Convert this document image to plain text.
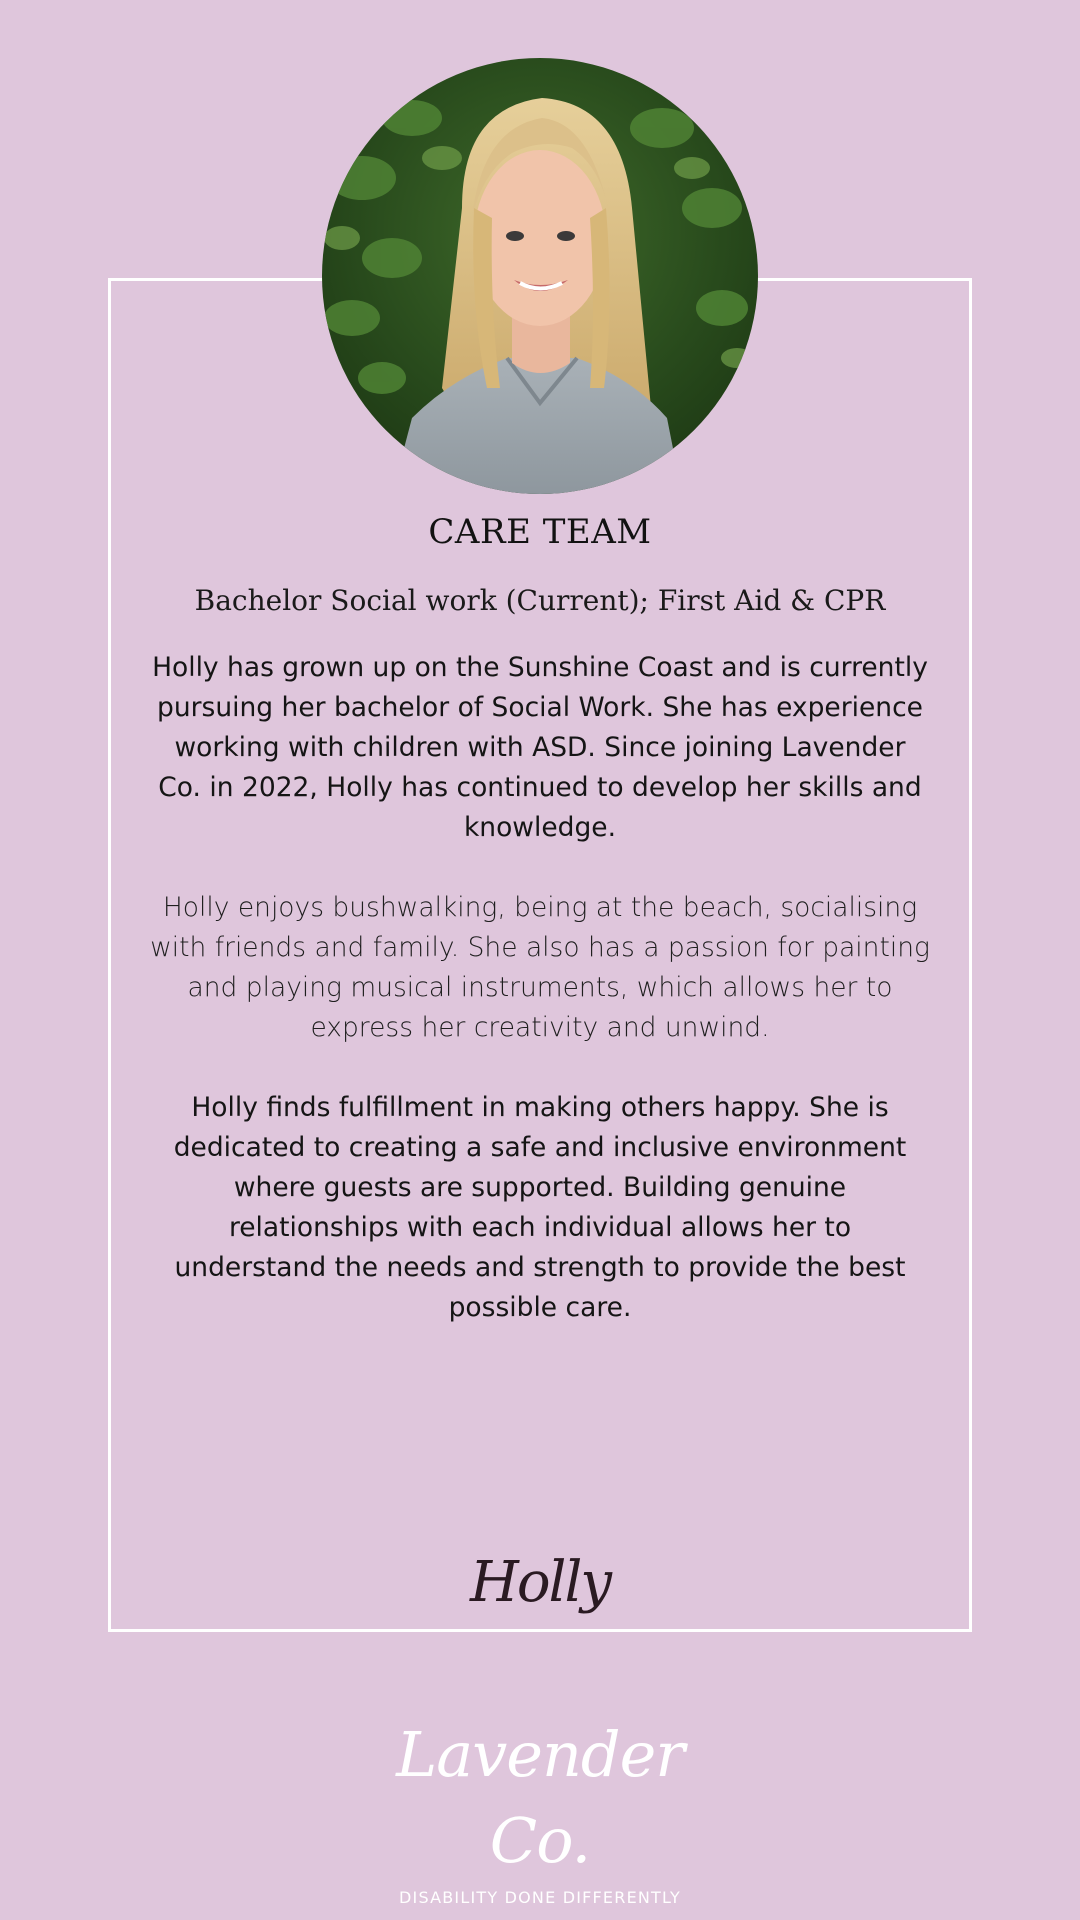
CARE TEAM
Bachelor Social work (Current); First Aid & CPR

Holly has grown up on the Sunshine Coast and is currently pursuing her bachelor of Social Work. She has experience working with children with ASD. Since joining Lavender Co. in 2022, Holly has continued to develop her skills and knowledge.

Holly enjoys bushwalking, being at the beach, socialising with friends and family. She also has a passion for painting and playing musical instruments, which allows her to express her creativity and unwind.

Holly finds fulfillment in making others happy. She is dedicated to creating a safe and inclusive environment where guests are supported. Building genuine relationships with each individual allows her to understand the needs and strength to provide the best possible care.

Holly
Lavender Co.
DISABILITY DONE DIFFERENTLY
